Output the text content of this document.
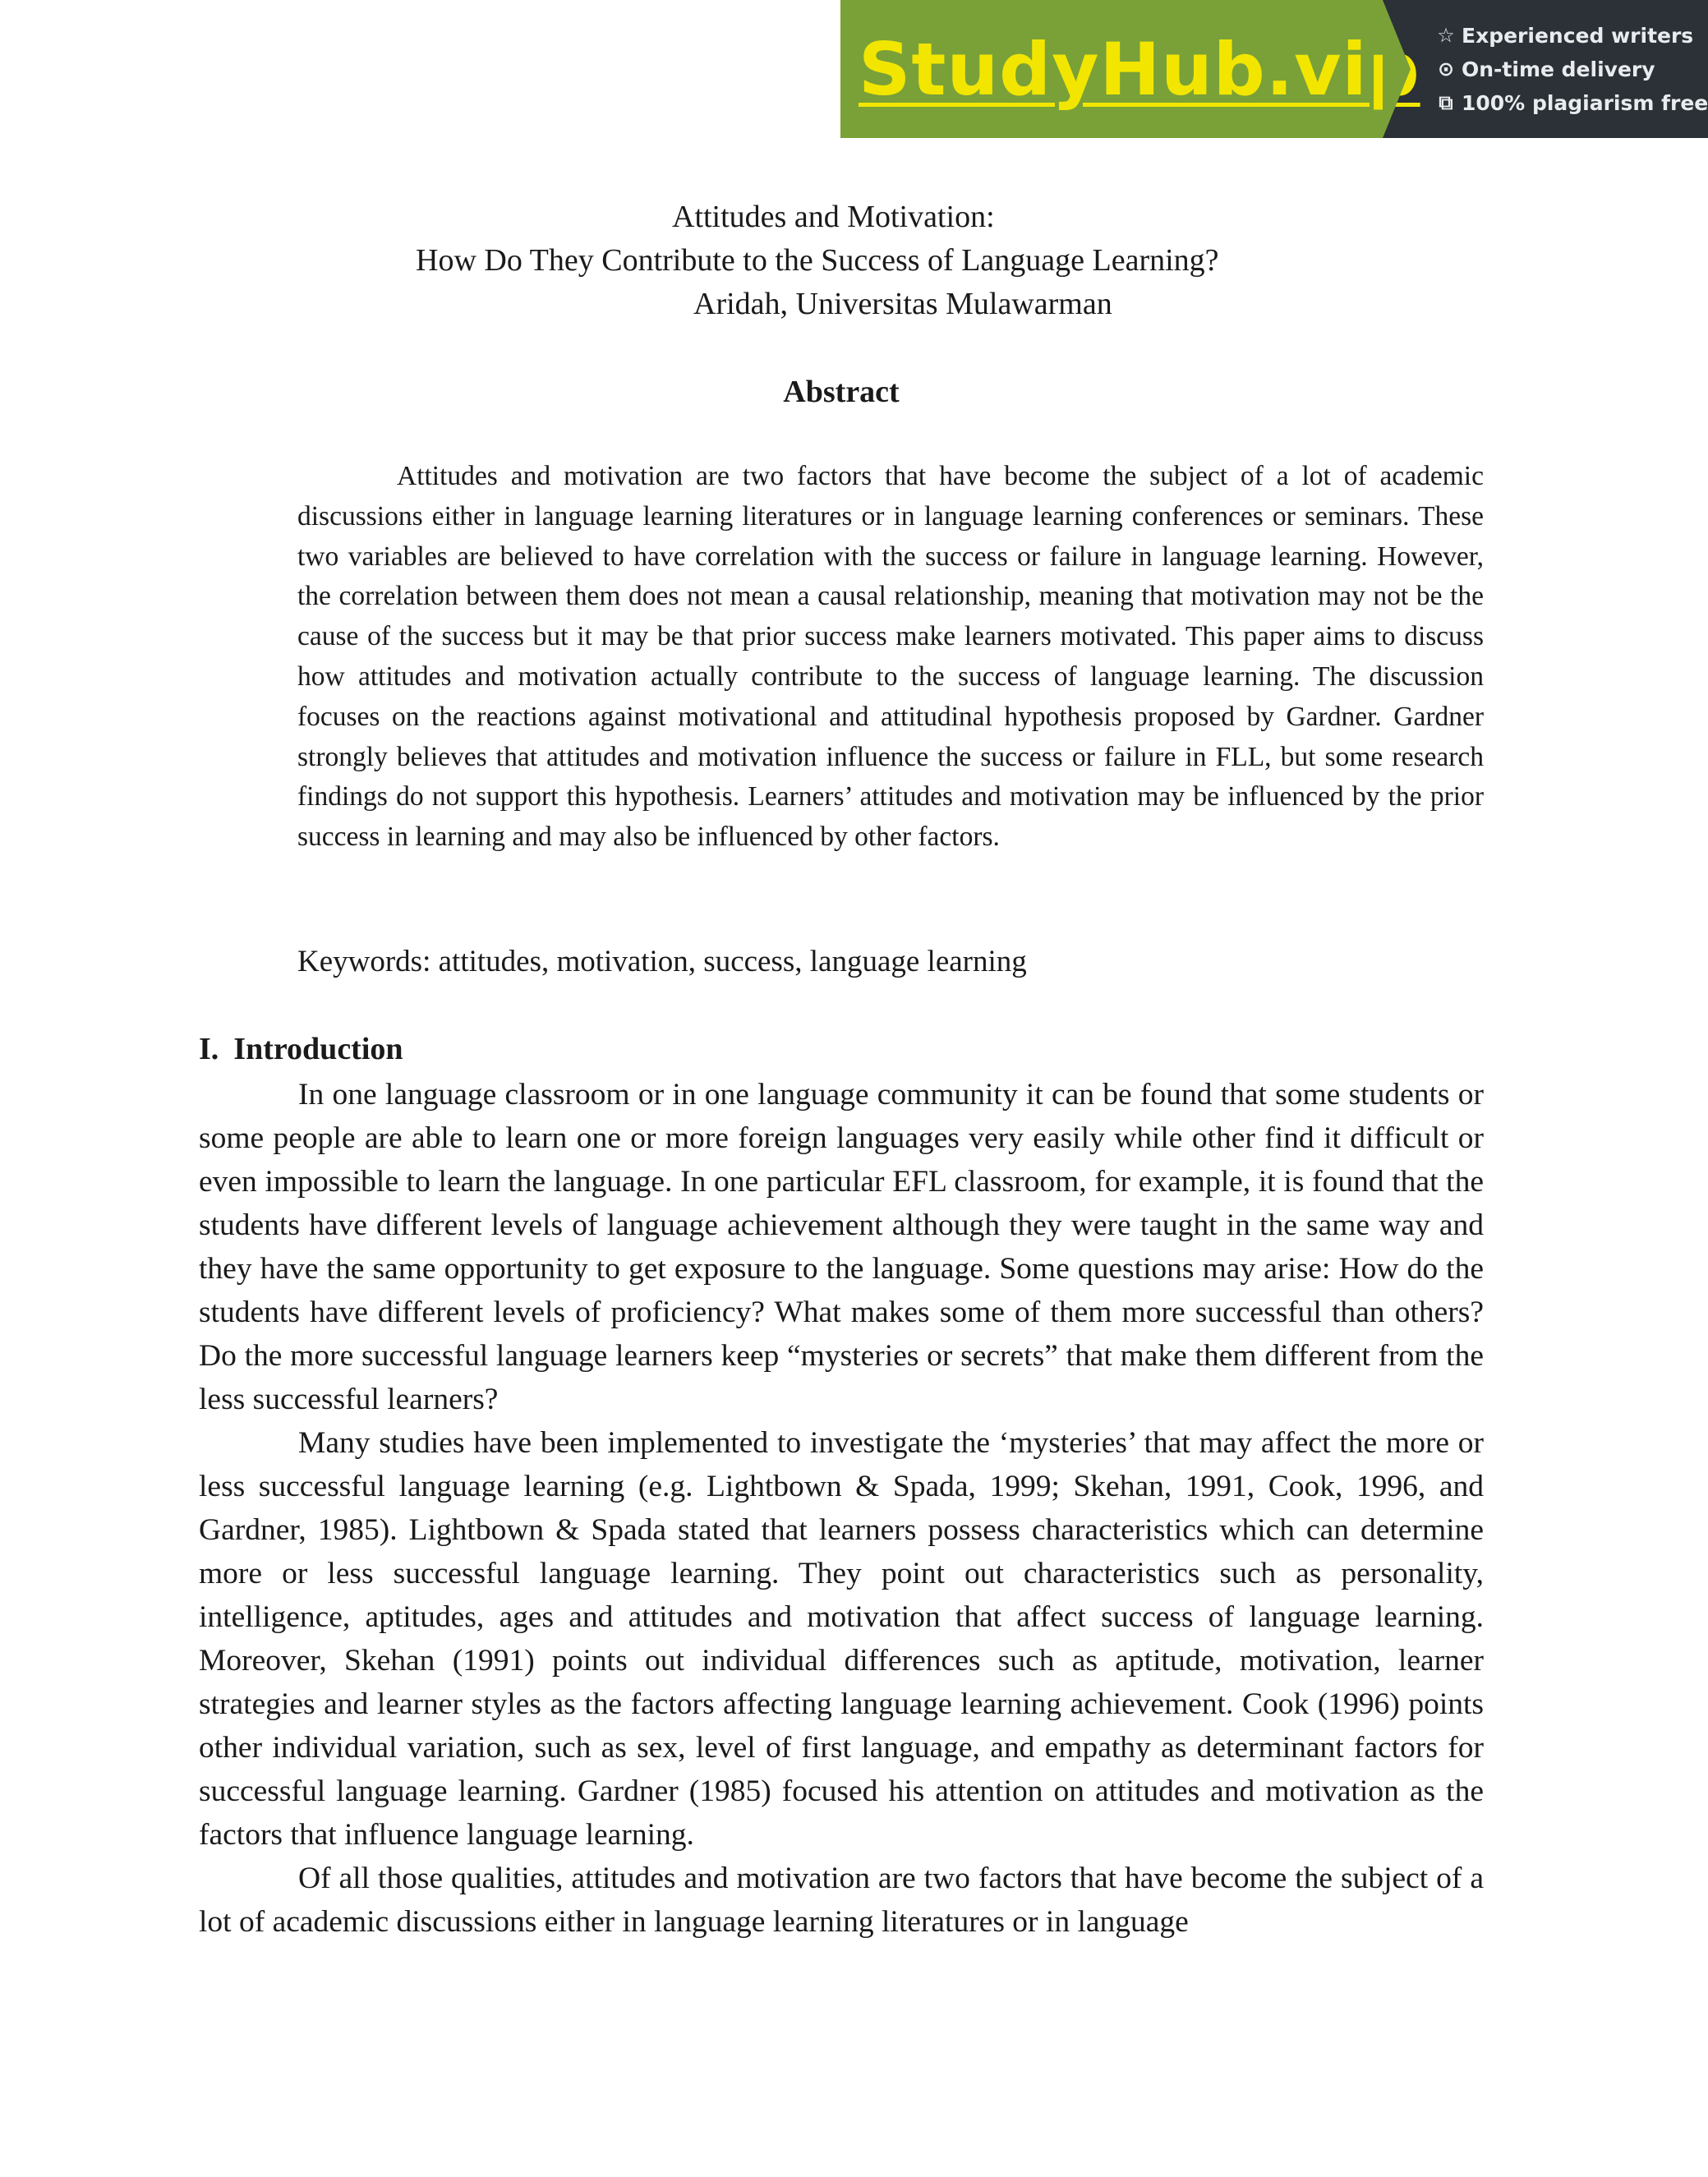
StudyHub.vip ☆ Experienced writers
⊙ On-time delivery
⧉ 100% plagiarism free
Attitudes and Motivation:
How Do They Contribute to the Success of Language Learning?
Aridah, Universitas Mulawarman
Abstract

Attitudes and motivation are two factors that have become the subject of a lot of academic discussions either in language learning literatures or in language learning conferences or seminars. These two variables are believed to have correlation with the success or failure in language learning. However, the correlation between them does not mean a causal relationship, meaning that motivation may not be the cause of the success but it may be that prior success make learners motivated. This paper aims to discuss how attitudes and motivation actually contribute to the success of language learning. The discussion focuses on the reactions against motivational and attitudinal hypothesis proposed by Gardner. Gardner strongly believes that attitudes and motivation influence the success or failure in FLL, but some research findings do not support this hypothesis. Learners’ attitudes and motivation may be influenced by the prior success in learning and may also be influenced by other factors.

Keywords: attitudes, motivation, success, language learning

I. Introduction

In one language classroom or in one language community it can be found that some students or some people are able to learn one or more foreign languages very easily while other find it difficult or even impossible to learn the language. In one particular EFL classroom, for example, it is found that the students have different levels of language achievement although they were taught in the same way and they have the same opportunity to get exposure to the language. Some questions may arise: How do the students have different levels of proficiency? What makes some of them more successful than others? Do the more successful language learners keep “mysteries or secrets” that make them different from the less successful learners?

Many studies have been implemented to investigate the ‘mysteries’ that may affect the more or less successful language learning (e.g. Lightbown & Spada, 1999; Skehan, 1991, Cook, 1996, and Gardner, 1985). Lightbown & Spada stated that learners possess characteristics which can determine more or less successful language learning. They point out characteristics such as personality, intelligence, aptitudes, ages and attitudes and motivation that affect success of language learning. Moreover, Skehan (1991) points out individual differences such as aptitude, motivation, learner strategies and learner styles as the factors affecting language learning achievement. Cook (1996) points other individual variation, such as sex, level of first language, and empathy as determinant factors for successful language learning. Gardner (1985) focused his attention on attitudes and motivation as the factors that influence language learning.

Of all those qualities, attitudes and motivation are two factors that have become the subject of a lot of academic discussions either in language learning literatures or in language
